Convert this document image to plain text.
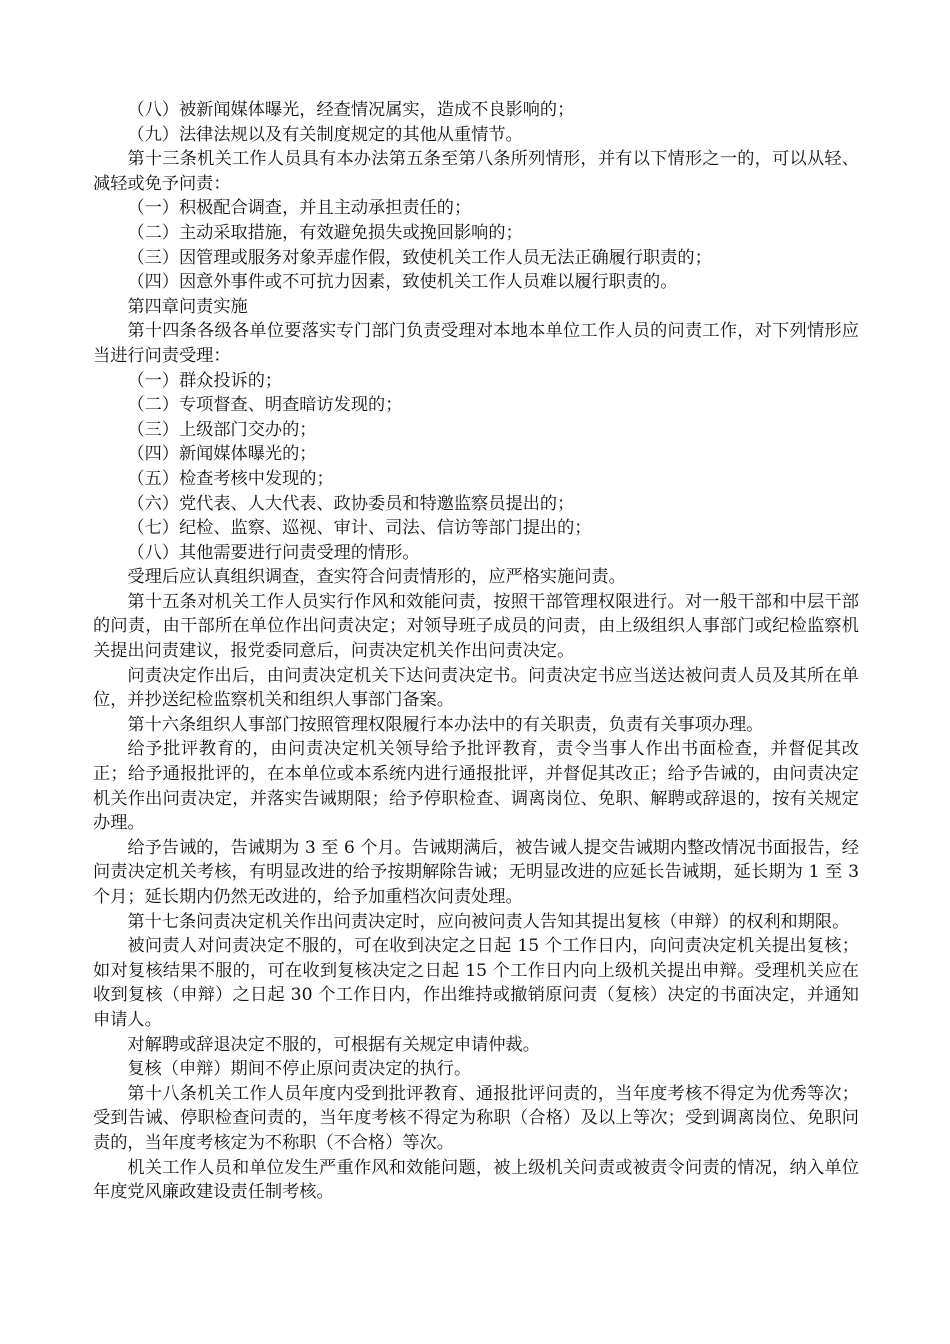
（八）被新闻媒体曝光，经查情况属实，造成不良影响的；

（九）法律法规以及有关制度规定的其他从重情节。

第十三条机关工作人员具有本办法第五条至第八条所列情形，并有以下情形之一的，可以从轻、减轻或免予问责：

（一）积极配合调查，并且主动承担责任的；

（二）主动采取措施，有效避免损失或挽回影响的；

（三）因管理或服务对象弄虚作假，致使机关工作人员无法正确履行职责的；

（四）因意外事件或不可抗力因素，致使机关工作人员难以履行职责的。

第四章问责实施

第十四条各级各单位要落实专门部门负责受理对本地本单位工作人员的问责工作，对下列情形应当进行问责受理：

（一）群众投诉的；

（二）专项督查、明查暗访发现的；

（三）上级部门交办的；

（四）新闻媒体曝光的；

（五）检查考核中发现的；

（六）党代表、人大代表、政协委员和特邀监察员提出的；

（七）纪检、监察、巡视、审计、司法、信访等部门提出的；

（八）其他需要进行问责受理的情形。

受理后应认真组织调查，查实符合问责情形的，应严格实施问责。

第十五条对机关工作人员实行作风和效能问责，按照干部管理权限进行。对一般干部和中层干部的问责，由干部所在单位作出问责决定；对领导班子成员的问责，由上级组织人事部门或纪检监察机关提出问责建议，报党委同意后，问责决定机关作出问责决定。

问责决定作出后，由问责决定机关下达问责决定书。问责决定书应当送达被问责人员及其所在单位，并抄送纪检监察机关和组织人事部门备案。

第十六条组织人事部门按照管理权限履行本办法中的有关职责，负责有关事项办理。

给予批评教育的，由问责决定机关领导给予批评教育，责令当事人作出书面检查，并督促其改正；给予通报批评的，在本单位或本系统内进行通报批评，并督促其改正；给予告诫的，由问责决定机关作出问责决定，并落实告诫期限；给予停职检查、调离岗位、免职、解聘或辞退的，按有关规定办理。

给予告诫的，告诫期为 3 至 6 个月。告诫期满后，被告诫人提交告诫期内整改情况书面报告，经问责决定机关考核，有明显改进的给予按期解除告诫；无明显改进的应延长告诫期，延长期为 1 至 3 个月；延长期内仍然无改进的，给予加重档次问责处理。

第十七条问责决定机关作出问责决定时，应向被问责人告知其提出复核（申辩）的权利和期限。

被问责人对问责决定不服的，可在收到决定之日起 15 个工作日内，向问责决定机关提出复核；如对复核结果不服的，可在收到复核决定之日起 15 个工作日内向上级机关提出申辩。受理机关应在收到复核（申辩）之日起 30 个工作日内，作出维持或撤销原问责（复核）决定的书面决定，并通知申请人。

对解聘或辞退决定不服的，可根据有关规定申请仲裁。

复核（申辩）期间不停止原问责决定的执行。

第十八条机关工作人员年度内受到批评教育、通报批评问责的，当年度考核不得定为优秀等次；受到告诫、停职检查问责的，当年度考核不得定为称职（合格）及以上等次；受到调离岗位、免职问责的，当年度考核定为不称职（不合格）等次。

机关工作人员和单位发生严重作风和效能问题，被上级机关问责或被责令问责的情况，纳入单位年度党风廉政建设责任制考核。
